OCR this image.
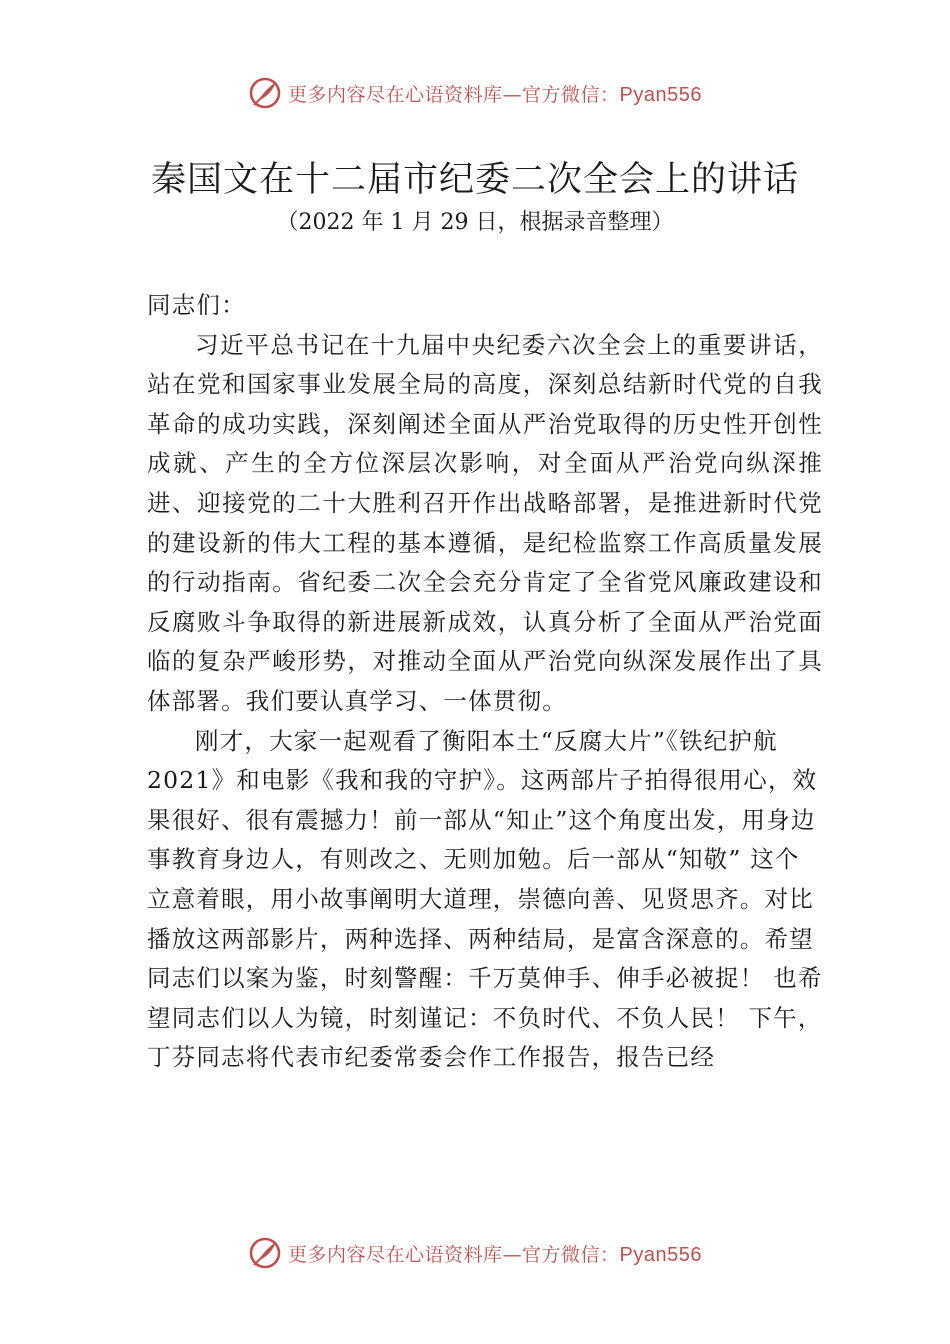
更多内容尽在心语资料库—官方微信：Pyan556
秦国文在十二届市纪委二次全会上的讲话
（2022 年 1 月 29 日，根据录音整理）

同志们：

习近平总书记在十九届中央纪委六次全会上的重要讲话，站在党和国家事业发展全局的高度，深刻总结新时代党的自我革命的成功实践，深刻阐述全面从严治党取得的历史性开创性成就、产生的全方位深层次影响，对全面从严治党向纵深推进、迎接党的二十大胜利召开作出战略部署，是推进新时代党的建设新的伟大工程的基本遵循，是纪检监察工作高质量发展的行动指南。省纪委二次全会充分肯定了全省党风廉政建设和反腐败斗争取得的新进展新成效，认真分析了全面从严治党面临的复杂严峻形势，对推动全面从严治党向纵深发展作出了具体部署。我们要认真学习、一体贯彻。

刚才，大家一起观看了衡阳本土“反腐大片”《铁纪护航2021》和电影《我和我的守护》。这两部片子拍得很用心，效果很好、很有震撼力！前一部从“知止”这个角度出发，用身边事教育身边人，有则改之、无则加勉。后一部从“知敬” 这个立意着眼，用小故事阐明大道理，崇德向善、见贤思齐。对比播放这两部影片，两种选择、两种结局，是富含深意的。希望同志们以案为鉴，时刻警醒：千万莫伸手、伸手必被捉！ 也希望同志们以人为镜，时刻谨记：不负时代、不负人民！ 下午，丁芬同志将代表市纪委常委会作工作报告，报告已经

更多内容尽在心语资料库—官方微信：Pyan556
